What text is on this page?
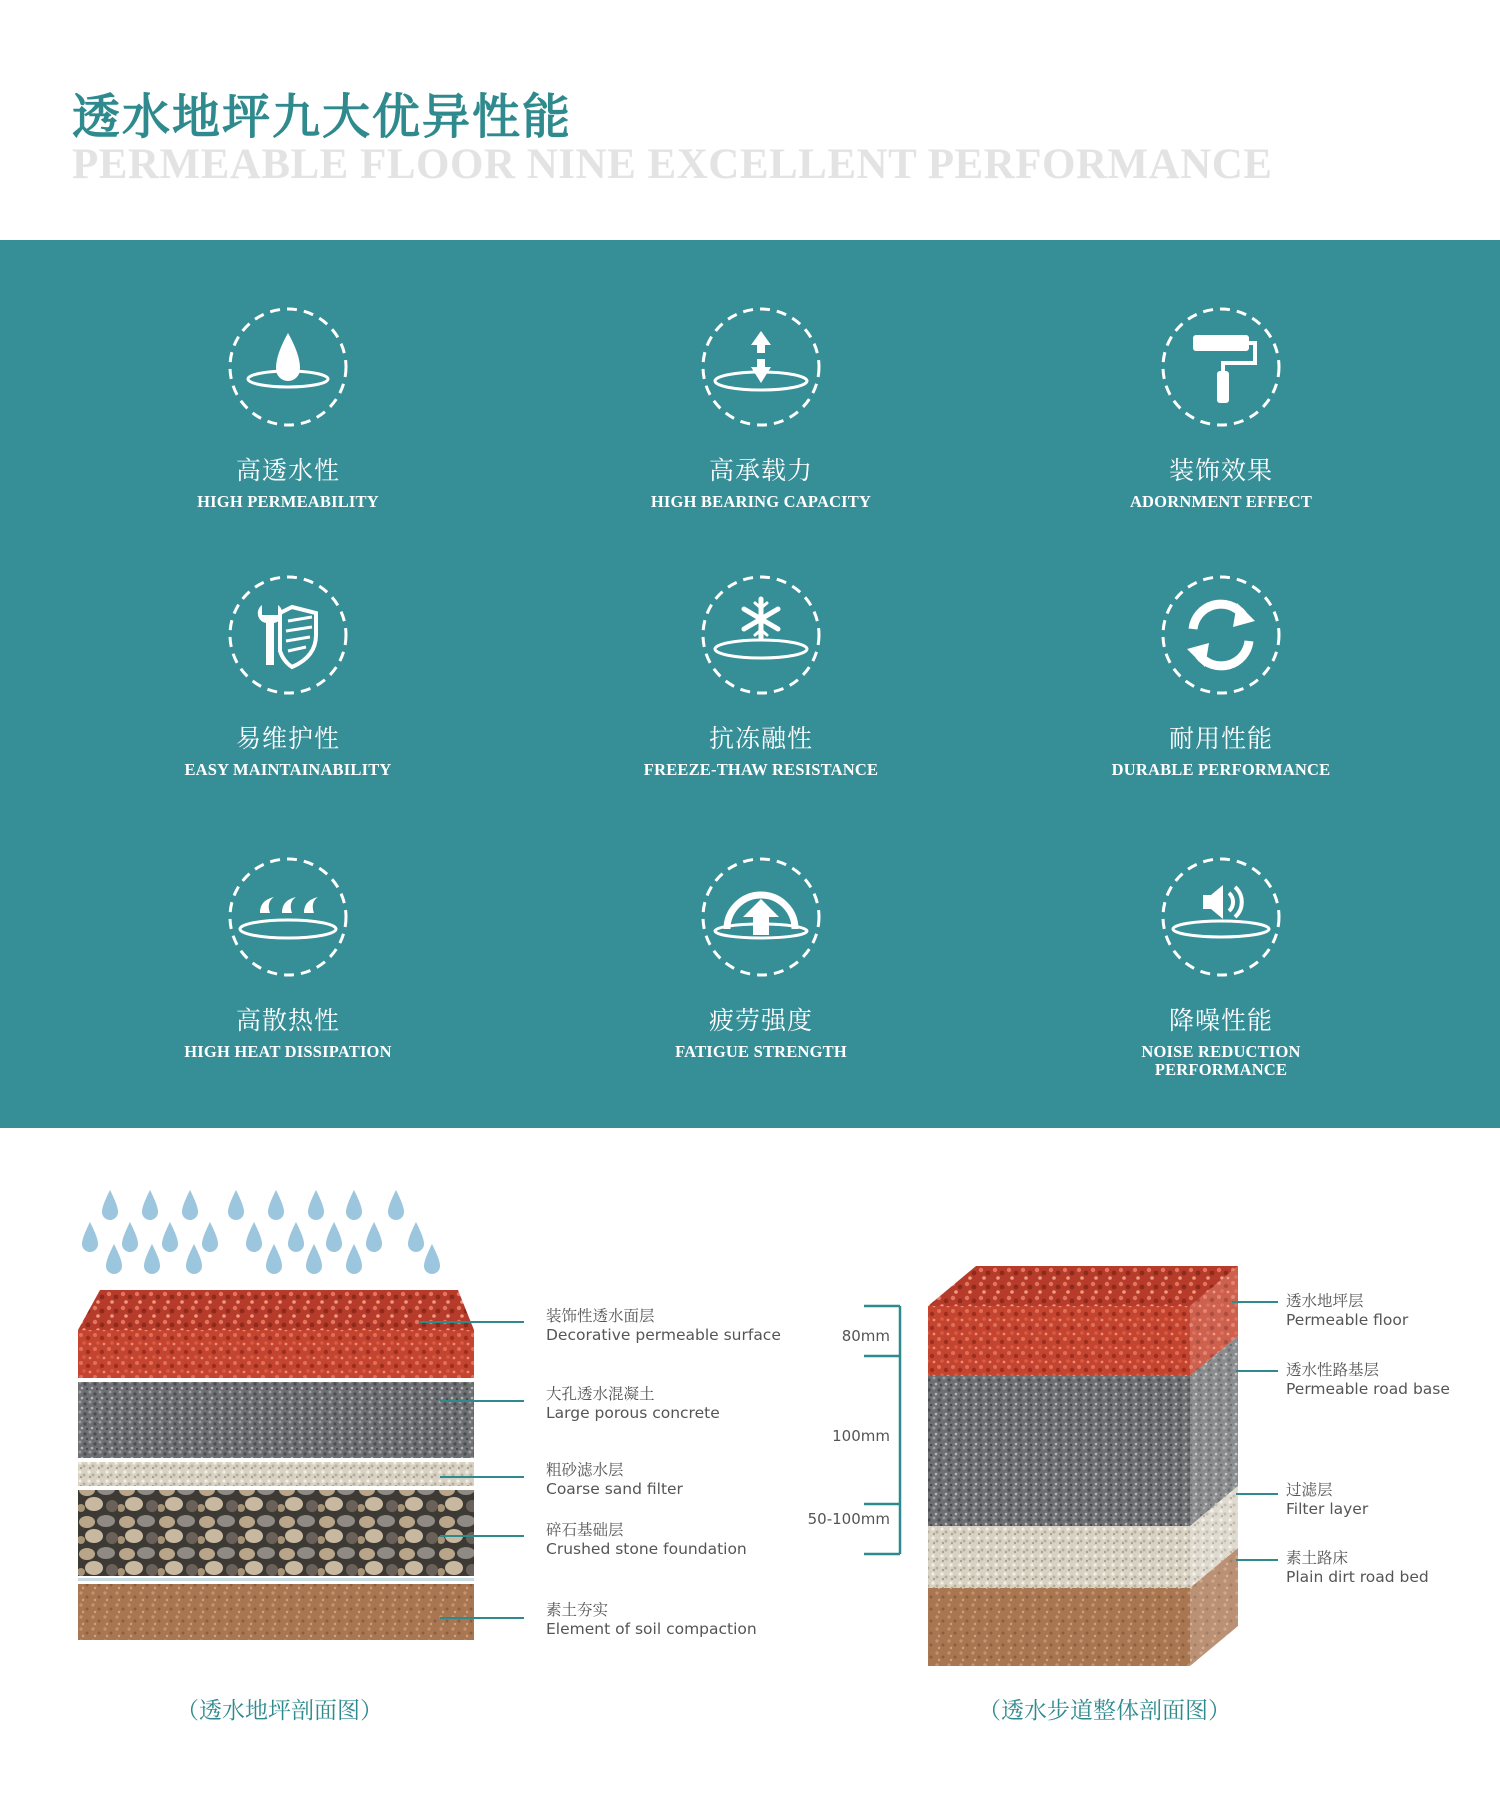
透水地坪九大优异性能
PERMEABLE FLOOR NINE EXCELLENT PERFORMANCE
高透水性
HIGH PERMEABILITY
高承载力
HIGH BEARING CAPACITY
装饰效果
ADORNMENT EFFECT
易维护性
EASY MAINTAINABILITY
抗冻融性
FREEZE-THAW RESISTANCE
耐用性能
DURABLE PERFORMANCE
高散热性
HIGH HEAT DISSIPATION
疲劳强度
FATIGUE STRENGTH
降噪性能
NOISE REDUCTION PERFORMANCE
装饰性透水面层
Decorative permeable surface
大孔透水混凝土
Large porous concrete
粗砂滤水层
Coarse sand filter
碎石基础层
Crushed stone foundation
素土夯实
Element of soil compaction
（透水地坪剖面图）
80mm
100mm
50-100mm
透水地坪层
Permeable floor
透水性路基层
Permeable road base
过滤层
Filter layer
素土路床
Plain dirt road bed
（透水步道整体剖面图）
